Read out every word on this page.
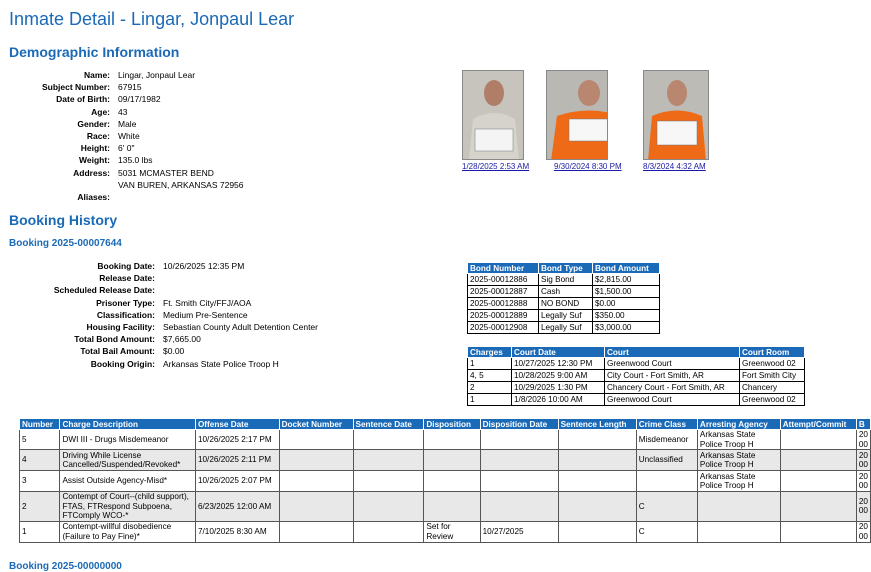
Inmate Detail - Lingar, Jonpaul Lear
Demographic Information
Name: Lingar, Jonpaul Lear
Subject Number: 67915
Date of Birth: 09/17/1982
Age: 43
Gender: Male
Race: White
Height: 6' 0"
Weight: 135.0 lbs
Address: 5031 MCMASTER BEND
VAN BUREN, ARKANSAS 72956
Aliases:
1/28/2025 2:53 AM	9/30/2024 8:30 PM	8/3/2024 4:32 AM
Booking History
Booking 2025-00007644
Booking Date: 10/26/2025 12:35 PM
Release Date:
Scheduled Release Date:
Prisoner Type: Ft. Smith City/FFJ/AOA
Classification: Medium Pre-Sentence
Housing Facility: Sebastian County Adult Detention Center
Total Bond Amount: $7,665.00
Total Bail Amount: $0.00
Booking Origin: Arkansas State Police Troop H
Bond Number	Bond Type	Bond Amount
2025-00012886	Sig Bond	$2,815.00
2025-00012887	Cash	$1,500.00
2025-00012888	NO BOND	$0.00
2025-00012889	Legally Suf	$350.00
2025-00012908	Legally Suf	$3,000.00
Charges	Court Date	Court	Court Room
1	10/27/2025 12:30 PM	Greenwood Court	Greenwood 02
4, 5	10/28/2025 9:00 AM	City Court - Fort Smith, AR	Fort Smith City
2	10/29/2025 1:30 PM	Chancery Court - Fort Smith, AR	Chancery
1	1/8/2026 10:00 AM	Greenwood Court	Greenwood 02
Number	Charge Description	Offense Date	Docket Number	Sentence Date	Disposition	Disposition Date	Sentence Length	Crime Class	Arresting Agency	Attempt/Commit	B
5	DWI III - Drugs Misdemeanor	10/26/2025 2:17 PM						Misdemeanor	Arkansas State Police Troop H		20 00
4	Driving While License Cancelled/Suspended/Revoked*	10/26/2025 2:11 PM						Unclassified	Arkansas State Police Troop H		20 00
3	Assist Outside Agency-Misd*	10/26/2025 2:07 PM							Arkansas State Police Troop H		20 00
2	Contempt of Court--(child support), FTAS, FTRespond Subpoena, FTComply WCO-*	6/23/2025 12:00 AM						C			20 00
1	Contempt-willful disobedience (Failure to Pay Fine)*	7/10/2025 8:30 AM			Set for Review	10/27/2025		C			20 00
Booking 2025-00000000
